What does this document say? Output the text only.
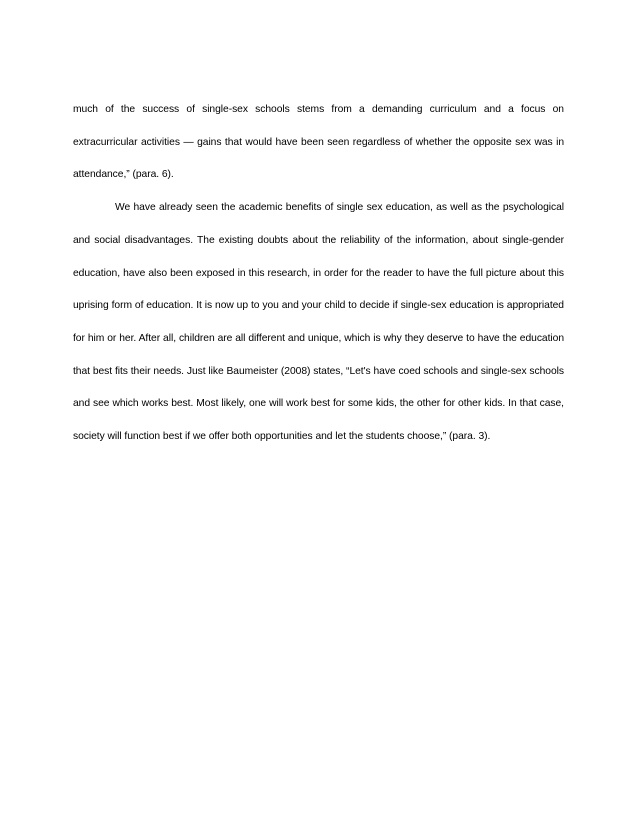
much of the success of single-sex schools stems from a demanding curriculum and a focus on extracurricular activities — gains that would have been seen regardless of whether the opposite sex was in attendance,” (para. 6).

We have already seen the academic benefits of single sex education, as well as the psychological and social disadvantages. The existing doubts about the reliability of the information, about single-gender education, have also been exposed in this research, in order for the reader to have the full picture about this uprising form of education. It is now up to you and your child to decide if single-sex education is appropriated for him or her. After all, children are all different and unique, which is why they deserve to have the education that best fits their needs. Just like Baumeister (2008) states, “Let's have coed schools and single-sex schools and see which works best. Most likely, one will work best for some kids, the other for other kids. In that case, society will function best if we offer both opportunities and let the students choose,” (para. 3).
